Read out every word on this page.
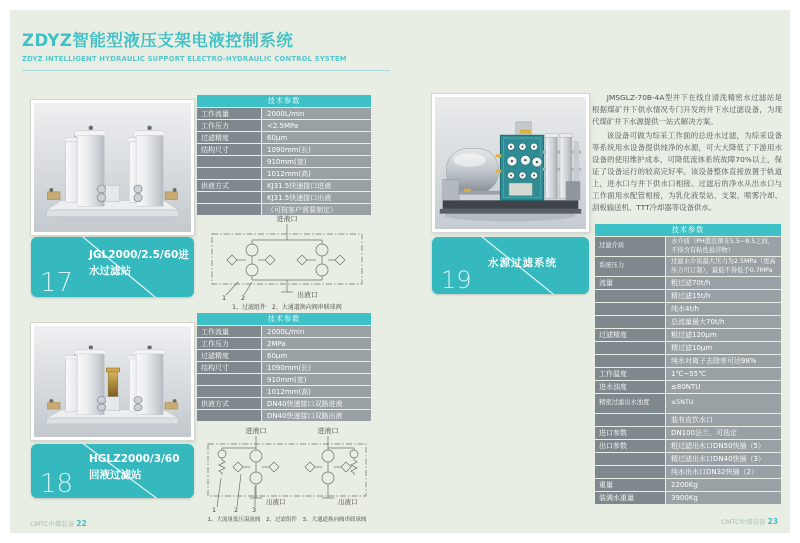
ZDYZ智能型液压支架电液控制系统
ZDYZ INTELLIGENT HYDRAULIC SUPPORT ELECTRO-HYDRAULIC CONTROL SYSTEM
技术参数
工作流量	2000L/min
工作压力	<2.5MPa
过滤精度	60μm
结构尺寸	1090mm(长)
910mm(宽)
1012mm(高)
供液方式	KJ31.5快速接口进液
KJ31.5快速接口出液
（可按客户需要制定）
进液口
出液口
1 2
1、过滤组件　2、大通道换向阀串联球阀
17
JGL2000/2.5/60进水过滤站
技术参数
工作流量	2000L/min
工作压力	2MPa
过滤精度	60μm
结构尺寸	1090mm(长)
910mm(宽)
1012mm(高)
供液方式	DN40快速接口双路进液
DN40快速接口双路出液
进液口	进液口
出液口	出液口
1	2 3
1、大流量低压溢流阀　2、过滤组件　3、大通道换向阀串联球阀
18
HGLZ2000/3/60回液过滤站

JMSGLZ-70B-4A型井下在线自清洗精密水过滤站是根据煤矿井下供水情况专门开发的井下水过滤设备，为现代煤矿井下水源提供一站式解决方案。

该设备可做为综采工作面的总进水过滤，为综采设备等系统用水设备提供纯净的水源，可大大降低了下游用水设备的使用维护成本，可降低流体系统故障70%以上，保证了设备运行的较高完好率。该设备整体直接放置于轨道上，进水口与井下供水口相接。过滤后的净水从出水口与工作面用水配管相接，为乳化液泵站、支架、喷雾冷却、刮板输送机、TTT冷却器等设备供水。

19
水源过滤系统
技术参数
过滤介质
水介质（PH值范围在5.5~8.5之间，不得含有粘性悬浮物）
系统压力
过滤水介质最大压力为2.5MPa（更高压力可订制），最低不得低于0.7MPa
流量	粗过滤70t/h
精过滤15t/h
纯水4t/h
总流量最大70t/h
过滤精度	粗过滤120μm
精过滤10μm
纯水对离子去除率可达98%
工作温度	1℃~55℃
进水浊度	≤80NTU
精密过滤出水浊度	≤5NTU
装有直饮水口
进口参数	DN100法兰，可选定
出口参数	粗过滤出水口DN50快插（5）
精过滤出水口DN40快插（3）
纯水出水口DN32快插（2）
重量	2200Kg
装满水重量	3900Kg
CMTC中煤装备 22	CMTC中煤装备 23
